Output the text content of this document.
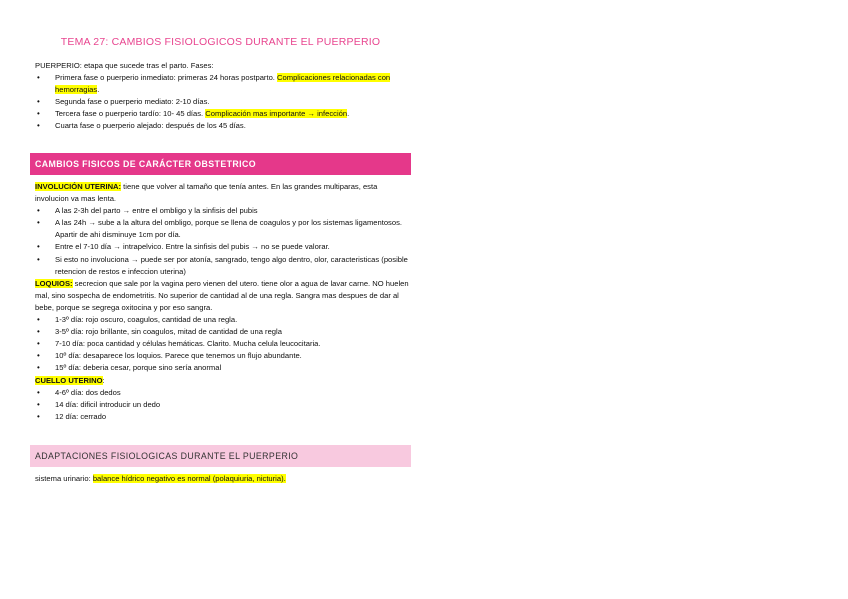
TEMA 27: CAMBIOS FISIOLOGICOS DURANTE EL PUERPERIO
PUERPERIO: etapa que sucede tras el parto. Fases:
• Primera fase o puerperio inmediato: primeras 24 horas postparto. Complicaciones relacionadas con hemorragias.
• Segunda fase o puerperio mediato: 2-10 días.
• Tercera fase o puerperio tardío: 10- 45 días. Complicación mas importante → infección.
• Cuarta fase o puerperio alejado: después de los 45 días.
CAMBIOS FISICOS DE CARÁCTER OBSTETRICO
INVOLUCIÓN UTERINA: tiene que volver al tamaño que tenía antes. En las grandes multiparas, esta involucion va mas lenta.
• A las 2-3h del parto → entre el ombligo y la sinfisis del pubis
• A las 24h → sube a la altura del ombligo, porque se llena de coagulos y por los sistemas ligamentosos. Apartir de ahi disminuye 1cm por día.
• Entre el 7-10 día → intrapelvico. Entre la sinfisis del pubis → no se puede valorar.
• Si esto no involuciona → puede ser por atonía, sangrado, tengo algo dentro, olor, caracteristicas (posible retencion de restos e infeccion uterina)
LOQUIOS: secrecion que sale por la vagina pero vienen del utero. tiene olor a agua de lavar carne. NO huelen mal, sino sospecha de endometritis. No superior de cantidad al de una regla. Sangra mas despues de dar al bebe, porque se segrega oxitocina y por eso sangra.
• 1-3º día: rojo oscuro, coagulos, cantidad de una regla.
• 3-5º día: rojo brillante, sin coagulos, mitad de cantidad de una regla
• 7-10 día: poca cantidad y células hemáticas. Clarito. Mucha celula leucocitaria.
• 10º día: desaparece los loquios. Parece que tenemos un flujo abundante.
• 15º día: deberia cesar, porque sino sería anormal
CUELLO UTERINO:
• 4-6º día: dos dedos
• 14 día: dificil introducir un dedo
• 12 día: cerrado
ADAPTACIONES FISIOLOGICAS DURANTE EL PUERPERIO
sistema urinario: balance hídrico negativo es normal (polaquiuria, nicturia).
